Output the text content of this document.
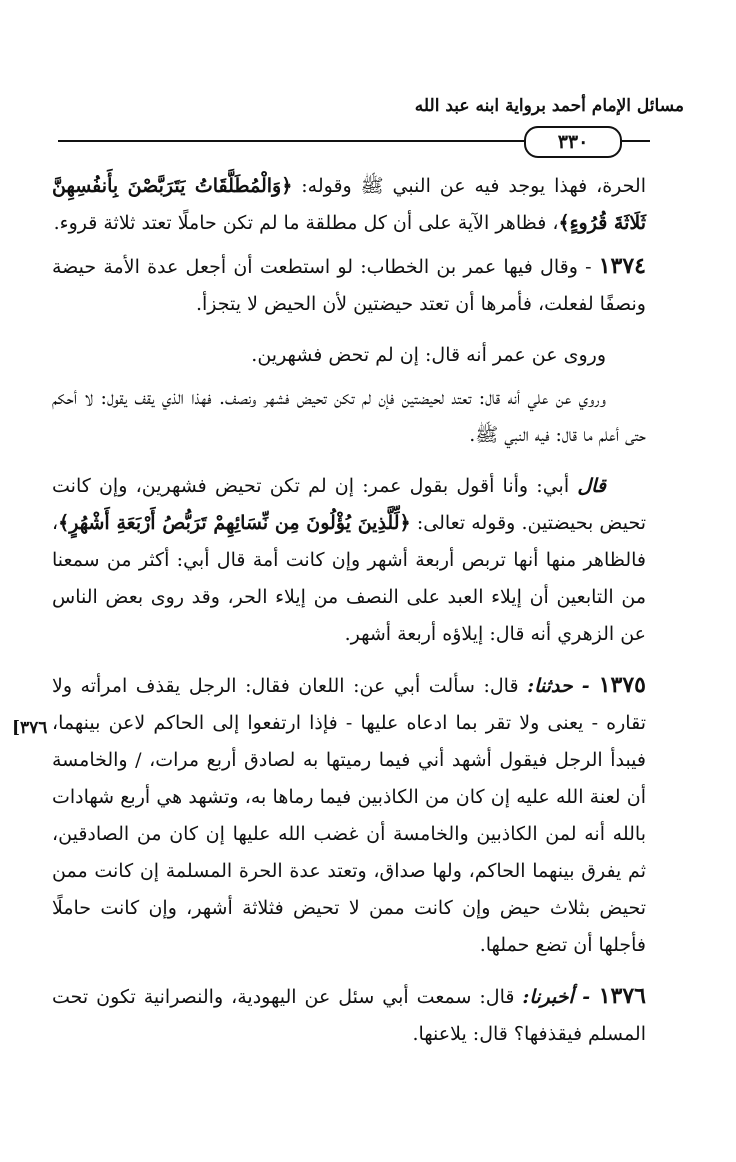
مسائل الإمام أحمد برواية ابنه عبد الله
٣٣٠
[٣٧٦

الحرة، فهذا يوجد فيه عن النبي ﷺ وقوله: ﴿وَالْمُطَلَّقَاتُ يَتَرَبَّصْنَ بِأَنفُسِهِنَّ ثَلَاثَةَ قُرُوءٍ﴾، فظاهر الآية على أن كل مطلقة ما لم تكن حاملًا تعتد ثلاثة قروء.

١٣٧٤ - وقال فيها عمر بن الخطاب: لو استطعت أن أجعل عدة الأمة حيضة ونصفًا لفعلت، فأمرها أن تعتد حيضتين لأن الحيض لا يتجزأ.

وروى عن عمر أنه قال: إن لم تحض فشهرين.

وروي عن علي أنه قال: تعتد لحيضتين فإن لم تكن تحيض فشهر ونصف. فهذا الذي يقف يقول: لا أحكم حتى أعلم ما قال: فيه النبي ﷺ.

قال أبي: وأنا أقول بقول عمر: إن لم تكن تحيض فشهرين، وإن كانت تحيض بحيضتين. وقوله تعالى: ﴿لِّلَّذِينَ يُؤْلُونَ مِن نِّسَائِهِمْ تَرَبُّصُ أَرْبَعَةِ أَشْهُرٍ﴾، فالظاهر منها أنها تربص أربعة أشهر وإن كانت أمة قال أبي: أكثر من سمعنا من التابعين أن إيلاء العبد على النصف من إيلاء الحر، وقد روى بعض الناس عن الزهري أنه قال: إيلاؤه أربعة أشهر.

١٣٧٥ - حدثنا: قال: سألت أبي عن: اللعان فقال: الرجل يقذف امرأته ولا تقاره - يعنى ولا تقر بما ادعاه عليها - فإذا ارتفعوا إلى الحاكم لاعن بينهما، فيبدأ الرجل فيقول أشهد أني فيما رميتها به لصادق أربع مرات، / والخامسة أن لعنة الله عليه إن كان من الكاذبين فيما رماها به، وتشهد هي أربع شهادات بالله أنه لمن الكاذبين والخامسة أن غضب الله عليها إن كان من الصادقين، ثم يفرق بينهما الحاكم، ولها صداق، وتعتد عدة الحرة المسلمة إن كانت ممن تحيض بثلاث حيض وإن كانت ممن لا تحيض فثلاثة أشهر، وإن كانت حاملًا فأجلها أن تضع حملها.

١٣٧٦ - أخبرنا: قال: سمعت أبي سئل عن اليهودية، والنصرانية تكون تحت المسلم فيقذفها؟ قال: يلاعنها.
